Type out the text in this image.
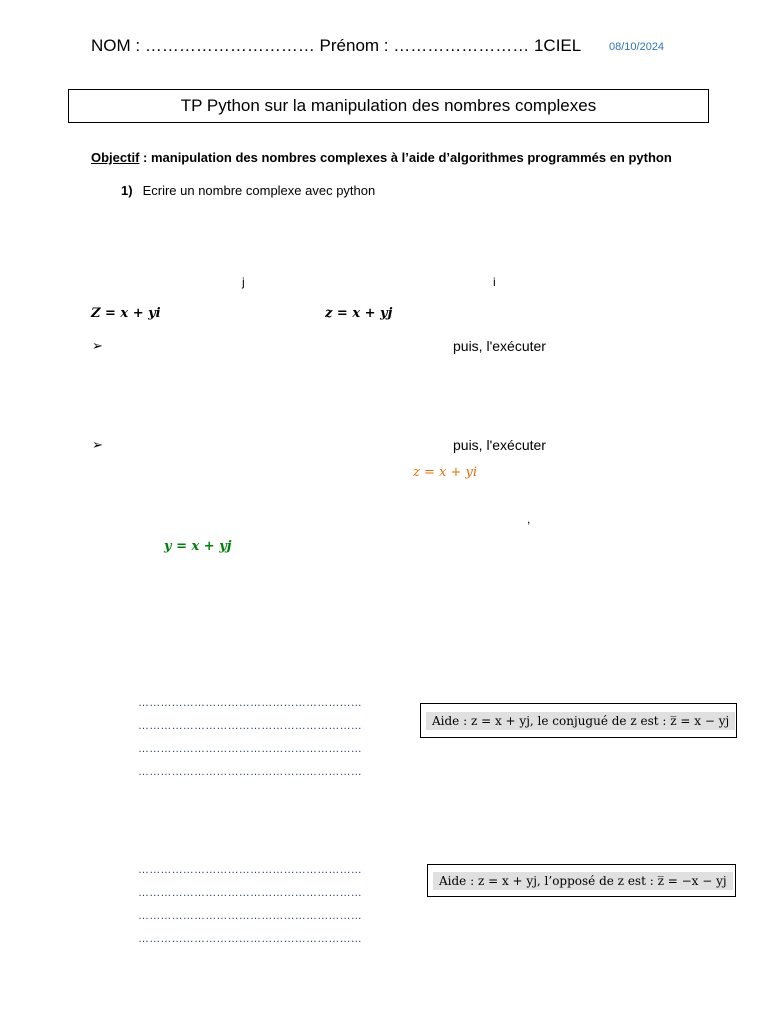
NOM : ………………………… Prénom : …………………… 1CIEL	08/10/2024
TP Python sur la manipulation des nombres complexes
Objectif : manipulation des nombres complexes à l’aide d’algorithmes programmés en python
1) Ecrire un nombre complexe avec python
j	i
Z = x + yi	z = x + yj
➢	puis, l'exécuter
➢	puis, l'exécuter
z = x + yi
,
y = x + yj
……………………………………………………
……………………………………………………
……………………………………………………
……………………………………………………
Aide : z = x + yj, le conjugué de z est : z̅ = x − yj
……………………………………………………
……………………………………………………
……………………………………………………
……………………………………………………
Aide : z = x + yj, l’opposé de z est : z̅ = −x − yj
